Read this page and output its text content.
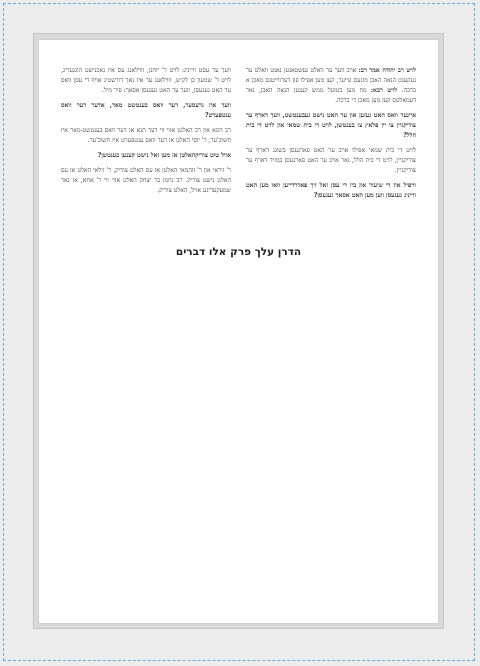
לויט רב יהודה אמר רב: אויב וועך ער וואלט געשטאנען נאנט וואלט ער געקענט הנאה האבן מונעם פייער, קען מען אפילו פון דערווייטנס מאכן א ברכה. לויט רבא: מוז מען בטועל ממש קענען הנאה האבן, נאר דעמאלטס קען מען מאכן די ברכה.

איינער וואס האט געזען און ער האט נישט געבענטשט, וועך דארף ער צוריקגיין צו יין פלאץ צו בענטשן, לויט די בית שמאי און לויט די בית הלל?

לויט די בית שמאי אפילו אויב ער האט פארגעסן בשוגג דארף ער צוריקגיין, לויט די בית הלל, נאר אויב ער האט פארגעסן במזיד דארף ער צוריקגיין.

וויפיל איז די שיעור און ביז די עסן זאל זיך פאררדייען וואו מען האט ווייניג געגעסן ווען מען האט אסאך געגעסן?

וועך ער עסט ווייניג: לויט ר' יוחנן, וווילאנג עס איז נאכנישט הונגעריג, לויט ר' שמעון בן לקיש, וווילאנג ער איז נאך דורשטיג אויף די עסן וואס ער האט געגעסן, וועך ער האט געגעסן אסאך: פיר מיל.

וועך איז גרעסער, דער וואס בענטשט מאר, אדער דער וואס ענטפערט?

רב הונא און רב האלטן אזוי ווי דער תנא אז דער וואס בענטשט-מאר איז חשוב'ער, ר' יוסי האלט אז דער וואס ענטפערט איז חשוב'ער.

אויל טוט צוריקהאלטן אז מען זאל נישט קענען בענטשן?

ר' זיראי און ר' זוהמאי האלטן אז עס האלט צוריק, ר' זילאי האלט אז עס האלט נישט צוריק. רב נחמן בר יצחק האלט אזוי ווי ר' אחא, אז נאר שמעקעדיגע אויל, האלט צוריק.

הדרן עלך פרק אלו דברים
